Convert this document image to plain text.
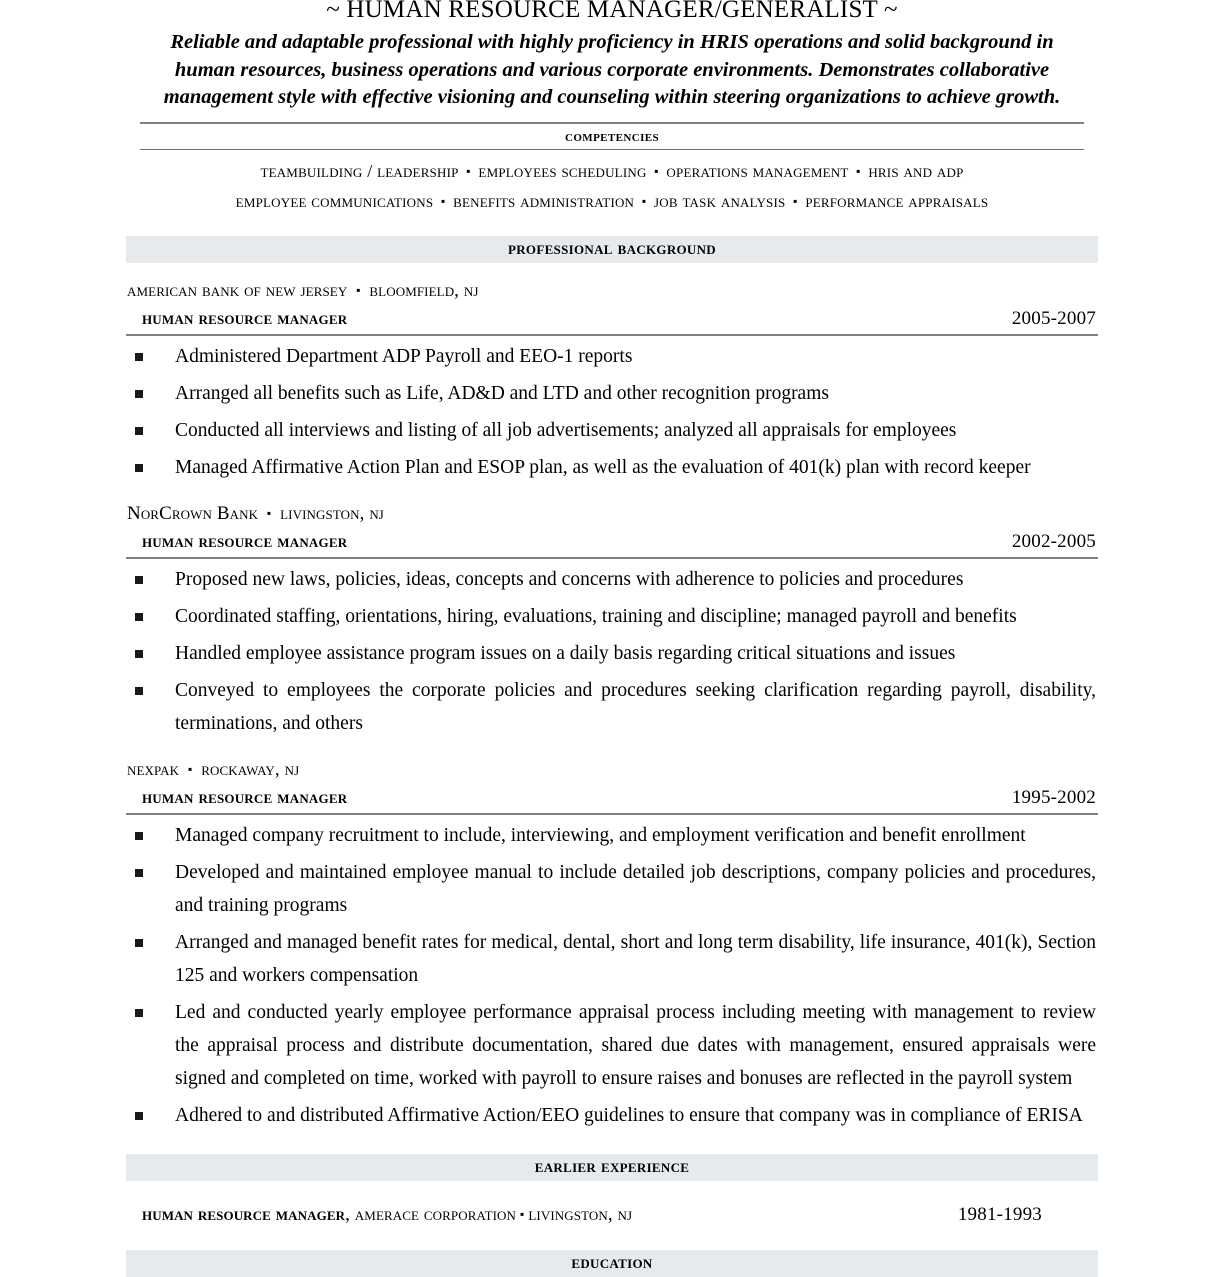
~ HUMAN RESOURCE MANAGER/GENERALIST ~
Reliable and adaptable professional with highly proficiency in HRIS operations and solid background in human resources, business operations and various corporate environments. Demonstrates collaborative management style with effective visioning and counseling within steering organizations to achieve growth.
competencies
teambuilding / leadership ▪ employees scheduling ▪ operations management ▪ hris and adp
employee communications ▪ benefits administration ▪ job task analysis ▪ performance appraisals
professional background
american bank of new jersey ▪ bloomfield, nj
human resource manager	2005-2007
Administered Department ADP Payroll and EEO-1 reports
Arranged all benefits such as Life, AD&D and LTD and other recognition programs
Conducted all interviews and listing of all job advertisements; analyzed all appraisals for employees
Managed Affirmative Action Plan and ESOP plan, as well as the evaluation of 401(k) plan with record keeper
NorCrown Bank ▪ livingston, nj
human resource manager	2002-2005
Proposed new laws, policies, ideas, concepts and concerns with adherence to policies and procedures
Coordinated staffing, orientations, hiring, evaluations, training and discipline; managed payroll and benefits
Handled employee assistance program issues on a daily basis regarding critical situations and issues
Conveyed to employees the corporate policies and procedures seeking clarification regarding payroll, disability, terminations, and others
nexpak ▪ rockaway, nj
human resource manager	1995-2002
Managed company recruitment to include, interviewing, and employment verification and benefit enrollment
Developed and maintained employee manual to include detailed job descriptions, company policies and procedures, and training programs
Arranged and managed benefit rates for medical, dental, short and long term disability, life insurance, 401(k), Section 125 and workers compensation
Led and conducted yearly employee performance appraisal process including meeting with management to review the appraisal process and distribute documentation, shared due dates with management, ensured appraisals were signed and completed on time, worked with payroll to ensure raises and bonuses are reflected in the payroll system
Adhered to and distributed Affirmative Action/EEO guidelines to ensure that company was in compliance of ERISA
earlier experience
human resource manager, amerace corporation ▪ livingston, nj	1981-1993
education
